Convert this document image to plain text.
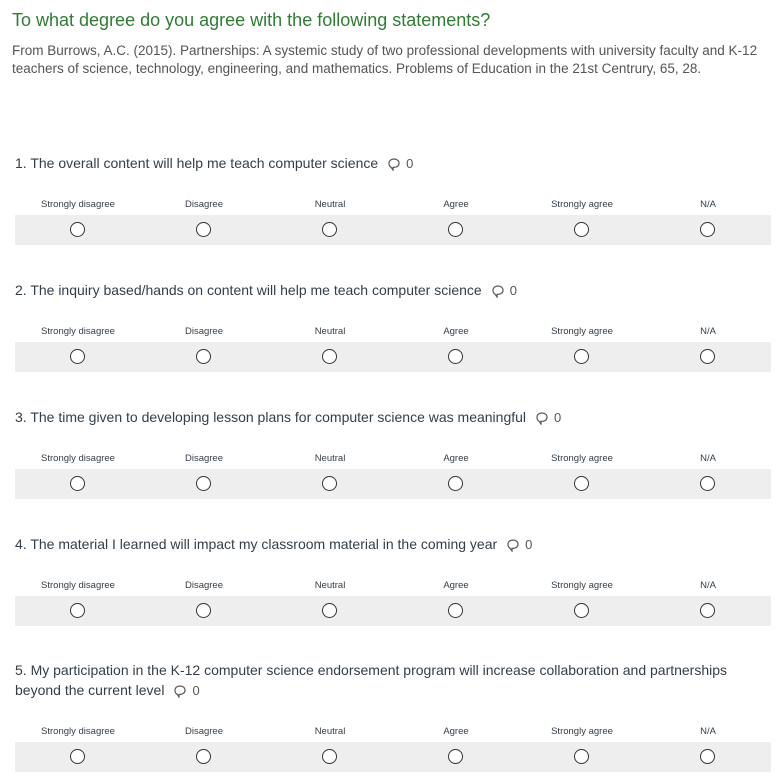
To what degree do you agree with the following statements?
From Burrows, A.C. (2015). Partnerships: A systemic study of two professional developments with university faculty and K-12 teachers of science, technology, engineering, and mathematics. Problems of Education in the 21st Centrury, 65, 28.
1. The overall content will help me teach computer science 0
Strongly disagree	Disagree	Neutral	Agree	Strongly agree	N/A
2. The inquiry based/hands on content will help me teach computer science 0
Strongly disagree	Disagree	Neutral	Agree	Strongly agree	N/A
3. The time given to developing lesson plans for computer science was meaningful 0
Strongly disagree	Disagree	Neutral	Agree	Strongly agree	N/A
4. The material I learned will impact my classroom material in the coming year 0
Strongly disagree	Disagree	Neutral	Agree	Strongly agree	N/A
5. My participation in the K-12 computer science endorsement program will increase collaboration and partnerships beyond the current level 0
Strongly disagree	Disagree	Neutral	Agree	Strongly agree	N/A
